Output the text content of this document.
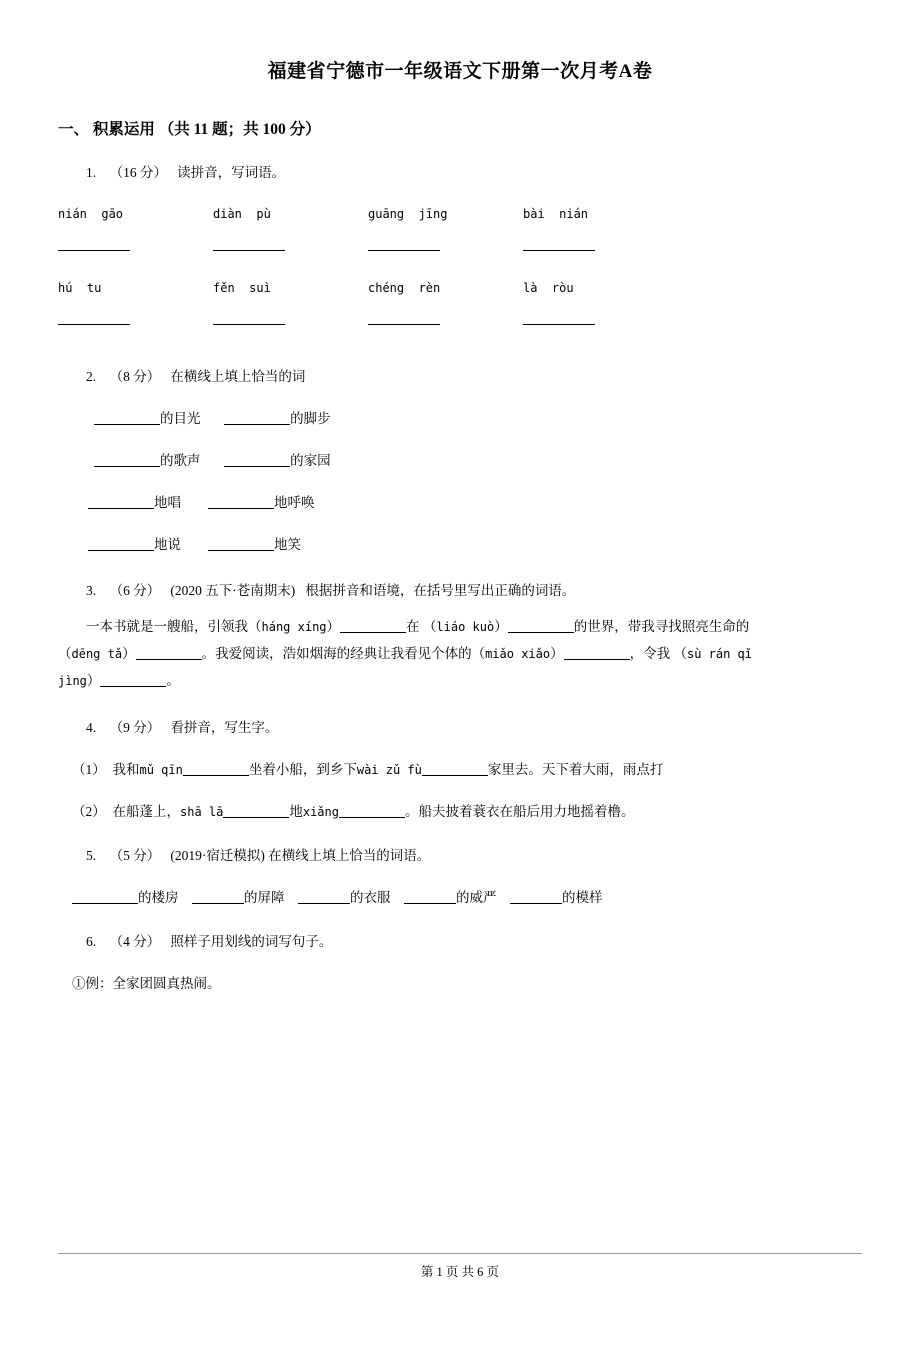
福建省宁德市一年级语文下册第一次月考A卷
一、 积累运用 （共 11 题；共 100 分）
1. （16 分） 读拼音，写词语。
nián  gāo	diàn  pù	guāng  jīng	bài  nián
hú  tu	fěn  suì	chéng  rèn	là  ròu
2. （8 分） 在横线上填上恰当的词
的目光	的脚步
的歌声	的家园
地唱	地呼唤
地说	地笑
3. （6 分） (2020 五下·苍南期末) 根据拼音和语境，在括号里写出正确的词语。
一本书就是一艘船，引领我（háng xíng）	在 （liáo kuò）	的世界，带我寻找照亮生命的
（dēng tǎ）	。我爱阅读，浩如烟海的经典让我看见个体的（miǎo xiǎo）	，令我 （sù rán qǐ
jìng）	。
4. （9 分） 看拼音，写生字。
（1） 我和mǔ qīn	坐着小船，到乡下wài zǔ fù	家里去。天下着大雨，雨点打
（2） 在船蓬上，shā lā	地xiǎng	。船夫披着蓑衣在船后用力地摇着橹。
5. （5 分） (2019·宿迁模拟) 在横线上填上恰当的词语。
的楼房	的屏障	的衣服	的威严	的模样
6. （4 分） 照样子用划线的词写句子。
①例：全家团圆真热闹。
第 1 页 共 6 页
